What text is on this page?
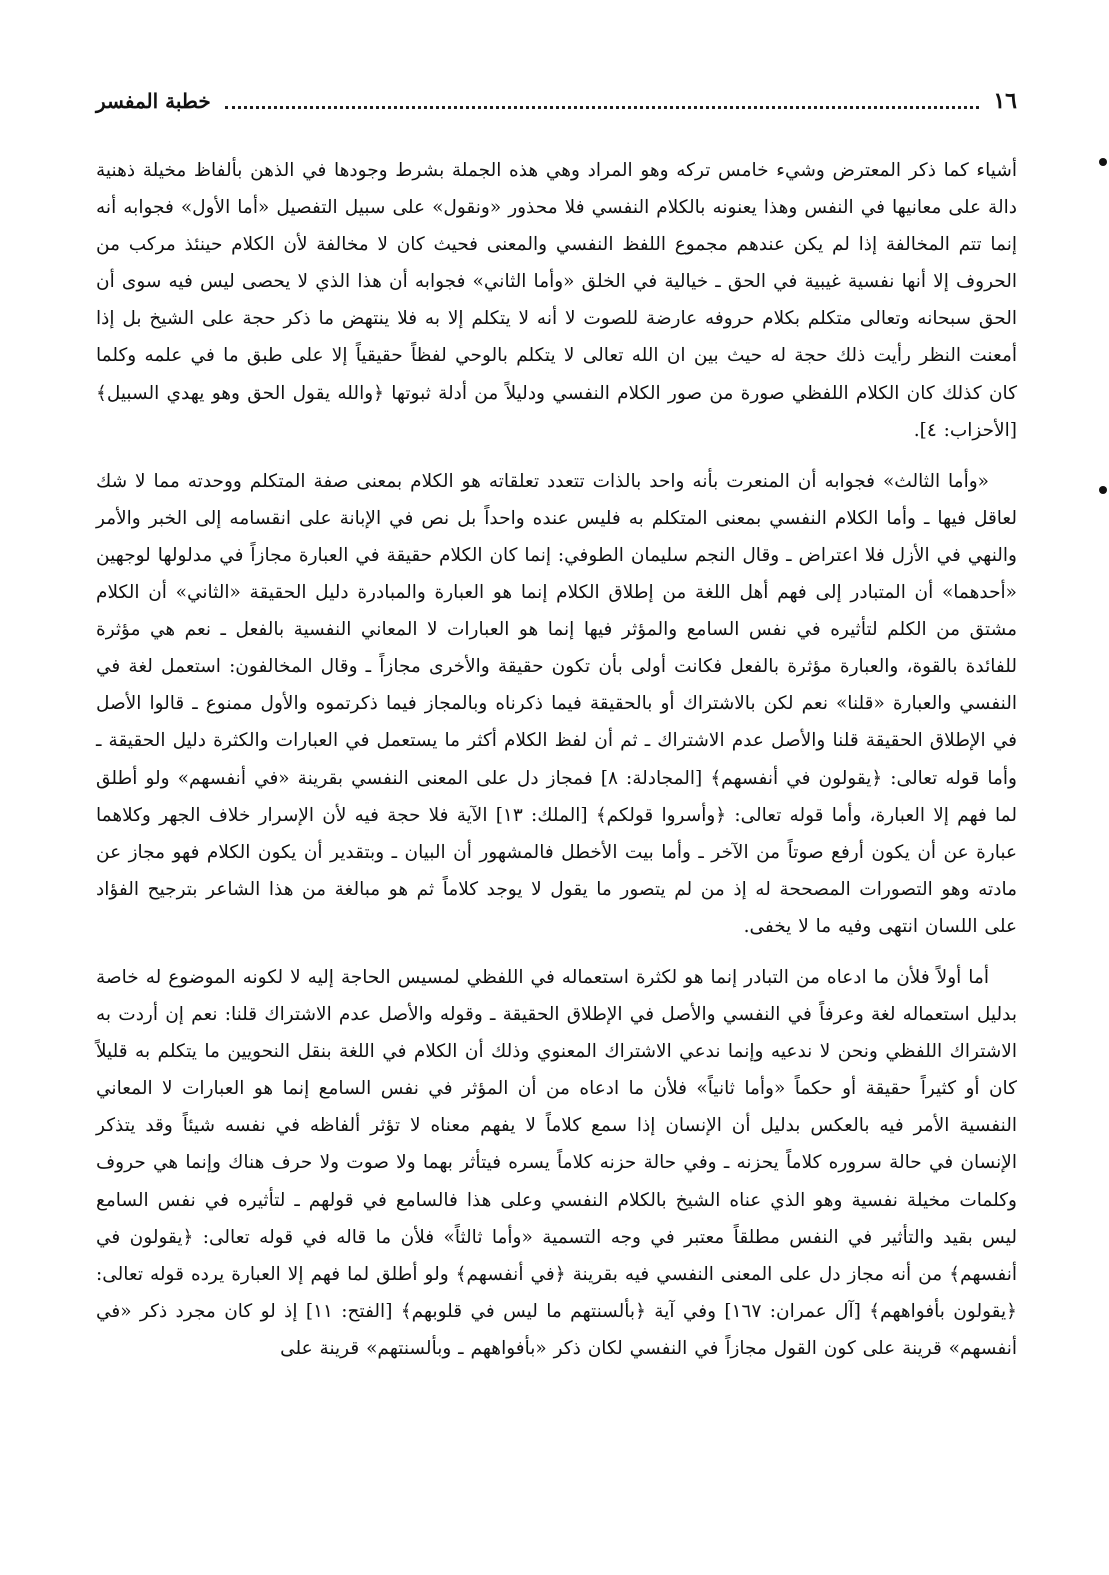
١٦
خطبة المفسر

أشياء كما ذكر المعترض وشيء خامس تركه وهو المراد وهي هذه الجملة بشرط وجودها في الذهن بألفاظ مخيلة ذهنية دالة على معانيها في النفس وهذا يعنونه بالكلام النفسي فلا محذور «ونقول» على سبيل التفصيل «أما الأول» فجوابه أنه إنما تتم المخالفة إذا لم يكن عندهم مجموع اللفظ النفسي والمعنى فحيث كان لا مخالفة لأن الكلام حينئذ مركب من الحروف إلا أنها نفسية غيبية في الحق ـ خيالية في الخلق «وأما الثاني» فجوابه أن هذا الذي لا يحصى ليس فيه سوى أن الحق سبحانه وتعالى متكلم بكلام حروفه عارضة للصوت لا أنه لا يتكلم إلا به فلا ينتهض ما ذكر حجة على الشيخ بل إذا أمعنت النظر رأيت ذلك حجة له حيث بين ان الله تعالى لا يتكلم بالوحي لفظاً حقيقياً إلا على طبق ما في علمه وكلما كان كذلك كان الكلام اللفظي صورة من صور الكلام النفسي ودليلاً من أدلة ثبوتها ﴿والله يقول الحق وهو يهدي السبيل﴾ [الأحزاب: ٤].

«وأما الثالث» فجوابه أن المنعرت بأنه واحد بالذات تتعدد تعلقاته هو الكلام بمعنى صفة المتكلم ووحدته مما لا شك لعاقل فيها ـ وأما الكلام النفسي بمعنى المتكلم به فليس عنده واحداً بل نص في الإبانة على انقسامه إلى الخبر والأمر والنهي في الأزل فلا اعتراض ـ وقال النجم سليمان الطوفي: إنما كان الكلام حقيقة في العبارة مجازاً في مدلولها لوجهين «أحدهما» أن المتبادر إلى فهم أهل اللغة من إطلاق الكلام إنما هو العبارة والمبادرة دليل الحقيقة «الثاني» أن الكلام مشتق من الكلم لتأثيره في نفس السامع والمؤثر فيها إنما هو العبارات لا المعاني النفسية بالفعل ـ نعم هي مؤثرة للفائدة بالقوة، والعبارة مؤثرة بالفعل فكانت أولى بأن تكون حقيقة والأخرى مجازاً ـ وقال المخالفون: استعمل لغة في النفسي والعبارة «قلنا» نعم لكن بالاشتراك أو بالحقيقة فيما ذكرناه وبالمجاز فيما ذكرتموه والأول ممنوع ـ قالوا الأصل في الإطلاق الحقيقة قلنا والأصل عدم الاشتراك ـ ثم أن لفظ الكلام أكثر ما يستعمل في العبارات والكثرة دليل الحقيقة ـ وأما قوله تعالى: ﴿يقولون في أنفسهم﴾ [المجادلة: ٨] فمجاز دل على المعنى النفسي بقرينة «في أنفسهم» ولو أطلق لما فهم إلا العبارة، وأما قوله تعالى: ﴿وأسروا قولكم﴾ [الملك: ١٣] الآية فلا حجة فيه لأن الإسرار خلاف الجهر وكلاهما عبارة عن أن يكون أرفع صوتاً من الآخر ـ وأما بيت الأخطل فالمشهور أن البيان ـ وبتقدير أن يكون الكلام فهو مجاز عن مادته وهو التصورات المصححة له إذ من لم يتصور ما يقول لا يوجد كلاماً ثم هو مبالغة من هذا الشاعر بترجيح الفؤاد على اللسان انتهى وفيه ما لا يخفى.

أما أولاً فلأن ما ادعاه من التبادر إنما هو لكثرة استعماله في اللفظي لمسيس الحاجة إليه لا لكونه الموضوع له خاصة بدليل استعماله لغة وعرفاً في النفسي والأصل في الإطلاق الحقيقة ـ وقوله والأصل عدم الاشتراك قلنا: نعم إن أردت به الاشتراك اللفظي ونحن لا ندعيه وإنما ندعي الاشتراك المعنوي وذلك أن الكلام في اللغة بنقل النحويين ما يتكلم به قليلاً كان أو كثيراً حقيقة أو حكماً «وأما ثانياً» فلأن ما ادعاه من أن المؤثر في نفس السامع إنما هو العبارات لا المعاني النفسية الأمر فيه بالعكس بدليل أن الإنسان إذا سمع كلاماً لا يفهم معناه لا تؤثر ألفاظه في نفسه شيئاً وقد يتذكر الإنسان في حالة سروره كلاماً يحزنه ـ وفي حالة حزنه كلاماً يسره فيتأثر بهما ولا صوت ولا حرف هناك وإنما هي حروف وكلمات مخيلة نفسية وهو الذي عناه الشيخ بالكلام النفسي وعلى هذا فالسامع في قولهم ـ لتأثيره في نفس السامع ليس بقيد والتأثير في النفس مطلقاً معتبر في وجه التسمية «وأما ثالثاً» فلأن ما قاله في قوله تعالى: ﴿يقولون في أنفسهم﴾ من أنه مجاز دل على المعنى النفسي فيه بقرينة ﴿في أنفسهم﴾ ولو أطلق لما فهم إلا العبارة يرده قوله تعالى: ﴿يقولون بأفواههم﴾ [آل عمران: ١٦٧] وفي آية ﴿بألسنتهم ما ليس في قلوبهم﴾ [الفتح: ١١] إذ لو كان مجرد ذكر «في أنفسهم» قرينة على كون القول مجازاً في النفسي لكان ذكر «بأفواههم ـ وبألسنتهم» قرينة على
